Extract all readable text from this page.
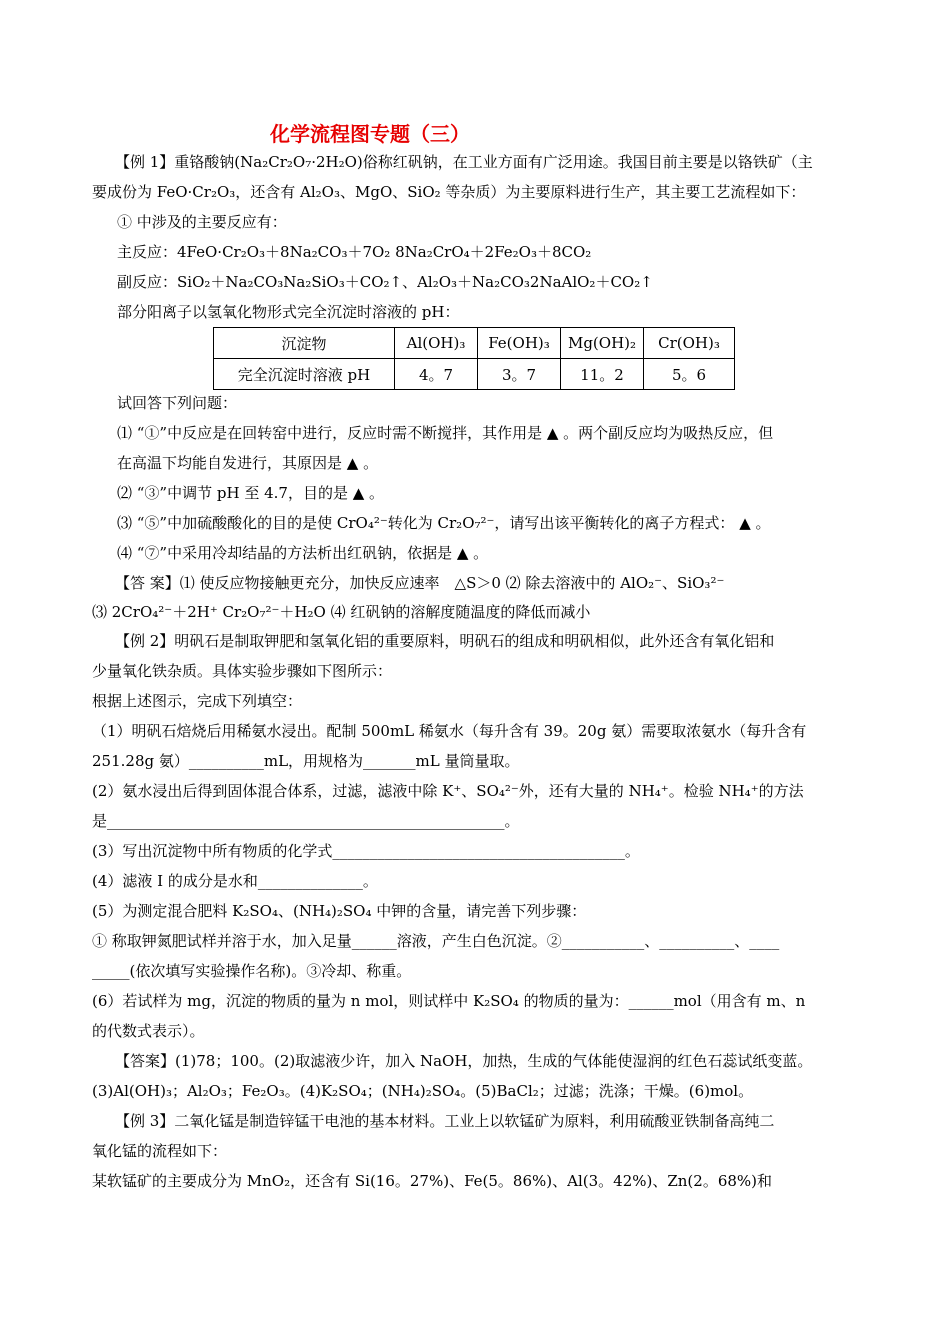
化学流程图专题（三）
【例 1】重铬酸钠(Na₂Cr₂O₇·2H₂O)俗称红矾钠，在工业方面有广泛用途。我国目前主要是以铬铁矿（主
要成份为 FeO·Cr₂O₃，还含有 Al₂O₃、MgO、SiO₂ 等杂质）为主要原料进行生产，其主要工艺流程如下：
① 中涉及的主要反应有：
主反应：4FeO·Cr₂O₃＋8Na₂CO₃＋7O₂ 8Na₂CrO₄＋2Fe₂O₃＋8CO₂
副反应：SiO₂＋Na₂CO₃Na₂SiO₃＋CO₂↑、Al₂O₃＋Na₂CO₃2NaAlO₂＋CO₂↑
部分阳离子以氢氧化物形式完全沉淀时溶液的 pH：
沉淀物	Al(OH)₃	Fe(OH)₃	Mg(OH)₂	Cr(OH)₃
完全沉淀时溶液 pH	4。7	3。7	11。2	5。6
试回答下列问题：
⑴ “①”中反应是在回转窑中进行，反应时需不断搅拌，其作用是 ▲ 。两个副反应均为吸热反应，但
在高温下均能自发进行，其原因是 ▲ 。
⑵ “③”中调节 pH 至 4.7，目的是 ▲ 。
⑶ “⑤”中加硫酸酸化的目的是使 CrO₄²⁻转化为 Cr₂O₇²⁻，请写出该平衡转化的离子方程式： ▲ 。
⑷ “⑦”中采用冷却结晶的方法析出红矾钠，依据是 ▲ 。
【答 案】⑴ 使反应物接触更充分，加快反应速率　△S＞0 ⑵ 除去溶液中的 AlO₂⁻、SiO₃²⁻
⑶ 2CrO₄²⁻＋2H⁺ Cr₂O₇²⁻＋H₂O ⑷ 红矾钠的溶解度随温度的降低而减小
【例 2】明矾石是制取钾肥和氢氧化铝的重要原料，明矾石的组成和明矾相似，此外还含有氧化铝和
少量氧化铁杂质。具体实验步骤如下图所示：
根据上述图示，完成下列填空：
（1）明矾石焙烧后用稀氨水浸出。配制 500mL 稀氨水（每升含有 39。20g 氨）需要取浓氨水（每升含有
251.28g 氨）__________mL，用规格为_______mL 量筒量取。
(2）氨水浸出后得到固体混合体系，过滤，滤液中除 K⁺、SO₄²⁻外，还有大量的 NH₄⁺。检验 NH₄⁺的方法
是_____________________________________________________。
(3）写出沉淀物中所有物质的化学式_______________________________________。
(4）滤液 I 的成分是水和______________。
(5）为测定混合肥料 K₂SO₄、(NH₄)₂SO₄ 中钾的含量，请完善下列步骤：
① 称取钾氮肥试样并溶于水，加入足量______溶液，产生白色沉淀。②___________、__________、____
_____(依次填写实验操作名称)。③冷却、称重。
(6）若试样为 mg，沉淀的物质的量为 n mol，则试样中 K₂SO₄ 的物质的量为：______mol（用含有 m、n
的代数式表示）。
【答案】(1)78；100。(2)取滤液少许，加入 NaOH，加热，生成的气体能使湿润的红色石蕊试纸变蓝。
(3)Al(OH)₃；Al₂O₃；Fe₂O₃。(4)K₂SO₄；(NH₄)₂SO₄。(5)BaCl₂；过滤；洗涤；干燥。(6)mol。
【例 3】二氧化锰是制造锌锰干电池的基本材料。工业上以软锰矿为原料，利用硫酸亚铁制备高纯二
氧化锰的流程如下：
某软锰矿的主要成分为 MnO₂，还含有 Si(16。27%)、Fe(5。86%)、Al(3。42%)、Zn(2。68%)和
